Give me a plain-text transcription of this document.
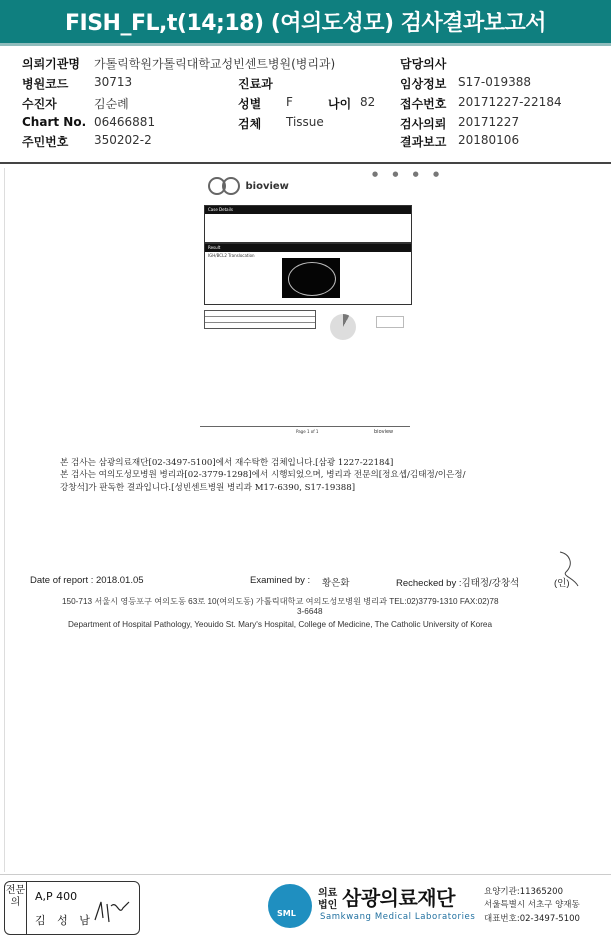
FISH_FL,t(14;18) (여의도성모) 검사결과보고서
의뢰기관명 가톨릭학원가톨릭대학교성빈센트병원(병리과)	담당의사
병원코드 30713	진료과	임상정보 S17-019388
수진자	김순례	성별 F	나이 82 접수번호 20171227-22184
Chart No. 06466881	검체 Tissue	검사의뢰 20171227
주민번호 350202-2	결과보고 20180106
● ● ● ●
bioview
Case Details
Result
IGH/BCL2 Translocation
Page 1 of 1	bioview
본 검사는 삼광의료재단[02-3497-5100]에서 재수탁한 검체입니다.[삼광 1227-22184]
본 검사는 여의도성모병원 병리과[02-3779-1298]에서 시행되었으며, 병리과 전문의[정요셉/김태정/이은정/
강창석]가 판독한 결과입니다.[성빈센트병원 병리과 M17-6390, S17-19388]
Date of report : 2018.01.05	Examined by : 황은화	Rechecked by :김태정/강창석	(인)
150-713 서울시 영등포구 여의도동 63로 10(여의도동) 가톨릭대학교 여의도성모병원 병리과 TEL:02)3779-1310 FAX:02)78
3-6648
Department of Hospital Pathology, Yeouido St. Mary's Hospital, College of Medicine, The Catholic University of Korea
전문의	A,P 400
김 성 남
SML
의료법인 삼광의료재단
Samkwang Medical Laboratories
요양기관:11365200
서울특별시 서초구 양재동
대표번호:02-3497-5100
